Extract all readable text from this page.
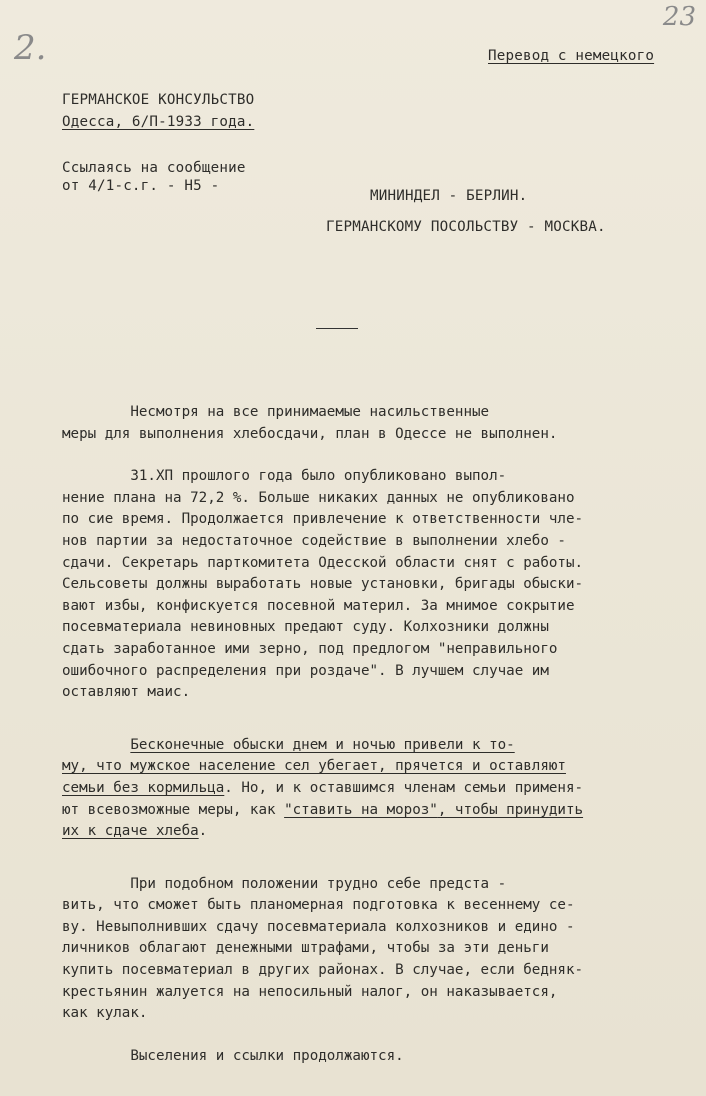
2.
23
Перевод с немецкого
ГЕРМАНСКОЕ КОНСУЛЬСТВО
Одесса, 6/П-1933 года.
Ссылаясь на сообщение
от 4/1-с.г. - Н5 -
МИНИНДЕЛ - БЕРЛИН.
ГЕРМАНСКОМУ ПОСОЛЬСТВУ - МОСКВА.

Несмотря на все принимаемые насильственные

меры для выполнения хлебосдачи, план в Одессе не выполнен.

31.XП прошлого года было опубликовано выпол-

нение плана на 72,2 %. Больше никаких данных не опубликовано

по сие время. Продолжается привлечение к ответственности чле-

нов партии за недостаточное содействие в выполнении хлебо -

сдачи. Секретарь парткомитета Одесской области снят с работы.

Сельсоветы должны выработать новые установки, бригады обыски-

вают избы, конфискуется посевной материл. За мнимое сокрытие

посевматериала невиновных предают суду. Колхозники должны

сдать заработанное ими зерно, под предлогом "неправильного

ошибочного распределения при роздаче". В лучшем случае им

оставляют маис.

Бесконечные обыски днем и ночью привели к то-

му, что мужское население сел убегает, прячется и оставляют

семьи без кормильца. Но, и к оставшимся членам семьи применя-

ют всевозможные меры, как "ставить на мороз", чтобы принудить

их к сдаче хлеба.

При подобном положении трудно себе предста -

вить, что сможет быть планомерная подготовка к весеннему се-

ву. Невыполнивших сдачу посевматериала колхозников и едино -

личников облагают денежными штрафами, чтобы за эти деньги

купить посевматериал в других районах. В случае, если бедняк-

крестьянин жалуется на непосильный налог, он наказывается,

как кулак.

Выселения и ссылки продолжаются.
